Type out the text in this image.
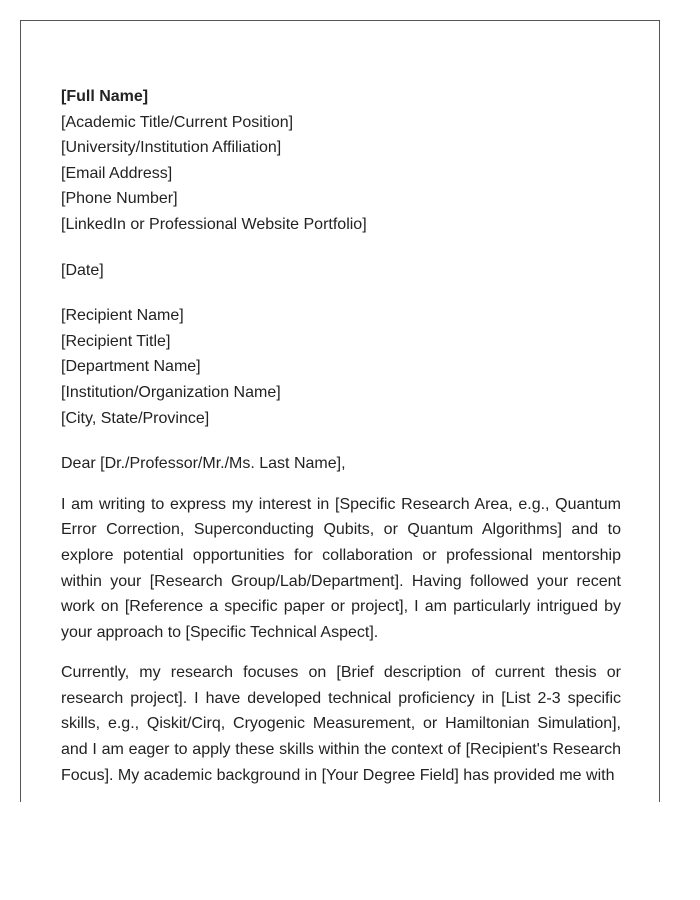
[Full Name]
[Academic Title/Current Position]
[University/Institution Affiliation]
[Email Address]
[Phone Number]
[LinkedIn or Professional Website Portfolio]
[Date]
[Recipient Name]
[Recipient Title]
[Department Name]
[Institution/Organization Name]
[City, State/Province]
Dear [Dr./Professor/Mr./Ms. Last Name],

I am writing to express my interest in [Specific Research Area, e.g., Quantum Error Correction, Superconducting Qubits, or Quantum Algorithms] and to explore potential opportunities for collaboration or professional mentorship within your [Research Group/Lab/Department]. Having followed your recent work on [Reference a specific paper or project], I am particularly intrigued by your approach to [Specific Technical Aspect].

Currently, my research focuses on [Brief description of current thesis or research project]. I have developed technical proficiency in [List 2-3 specific skills, e.g., Qiskit/Cirq, Cryogenic Measurement, or Hamiltonian Simulation], and I am eager to apply these skills within the context of [Recipient's Research Focus]. My academic background in [Your Degree Field] has provided me with
